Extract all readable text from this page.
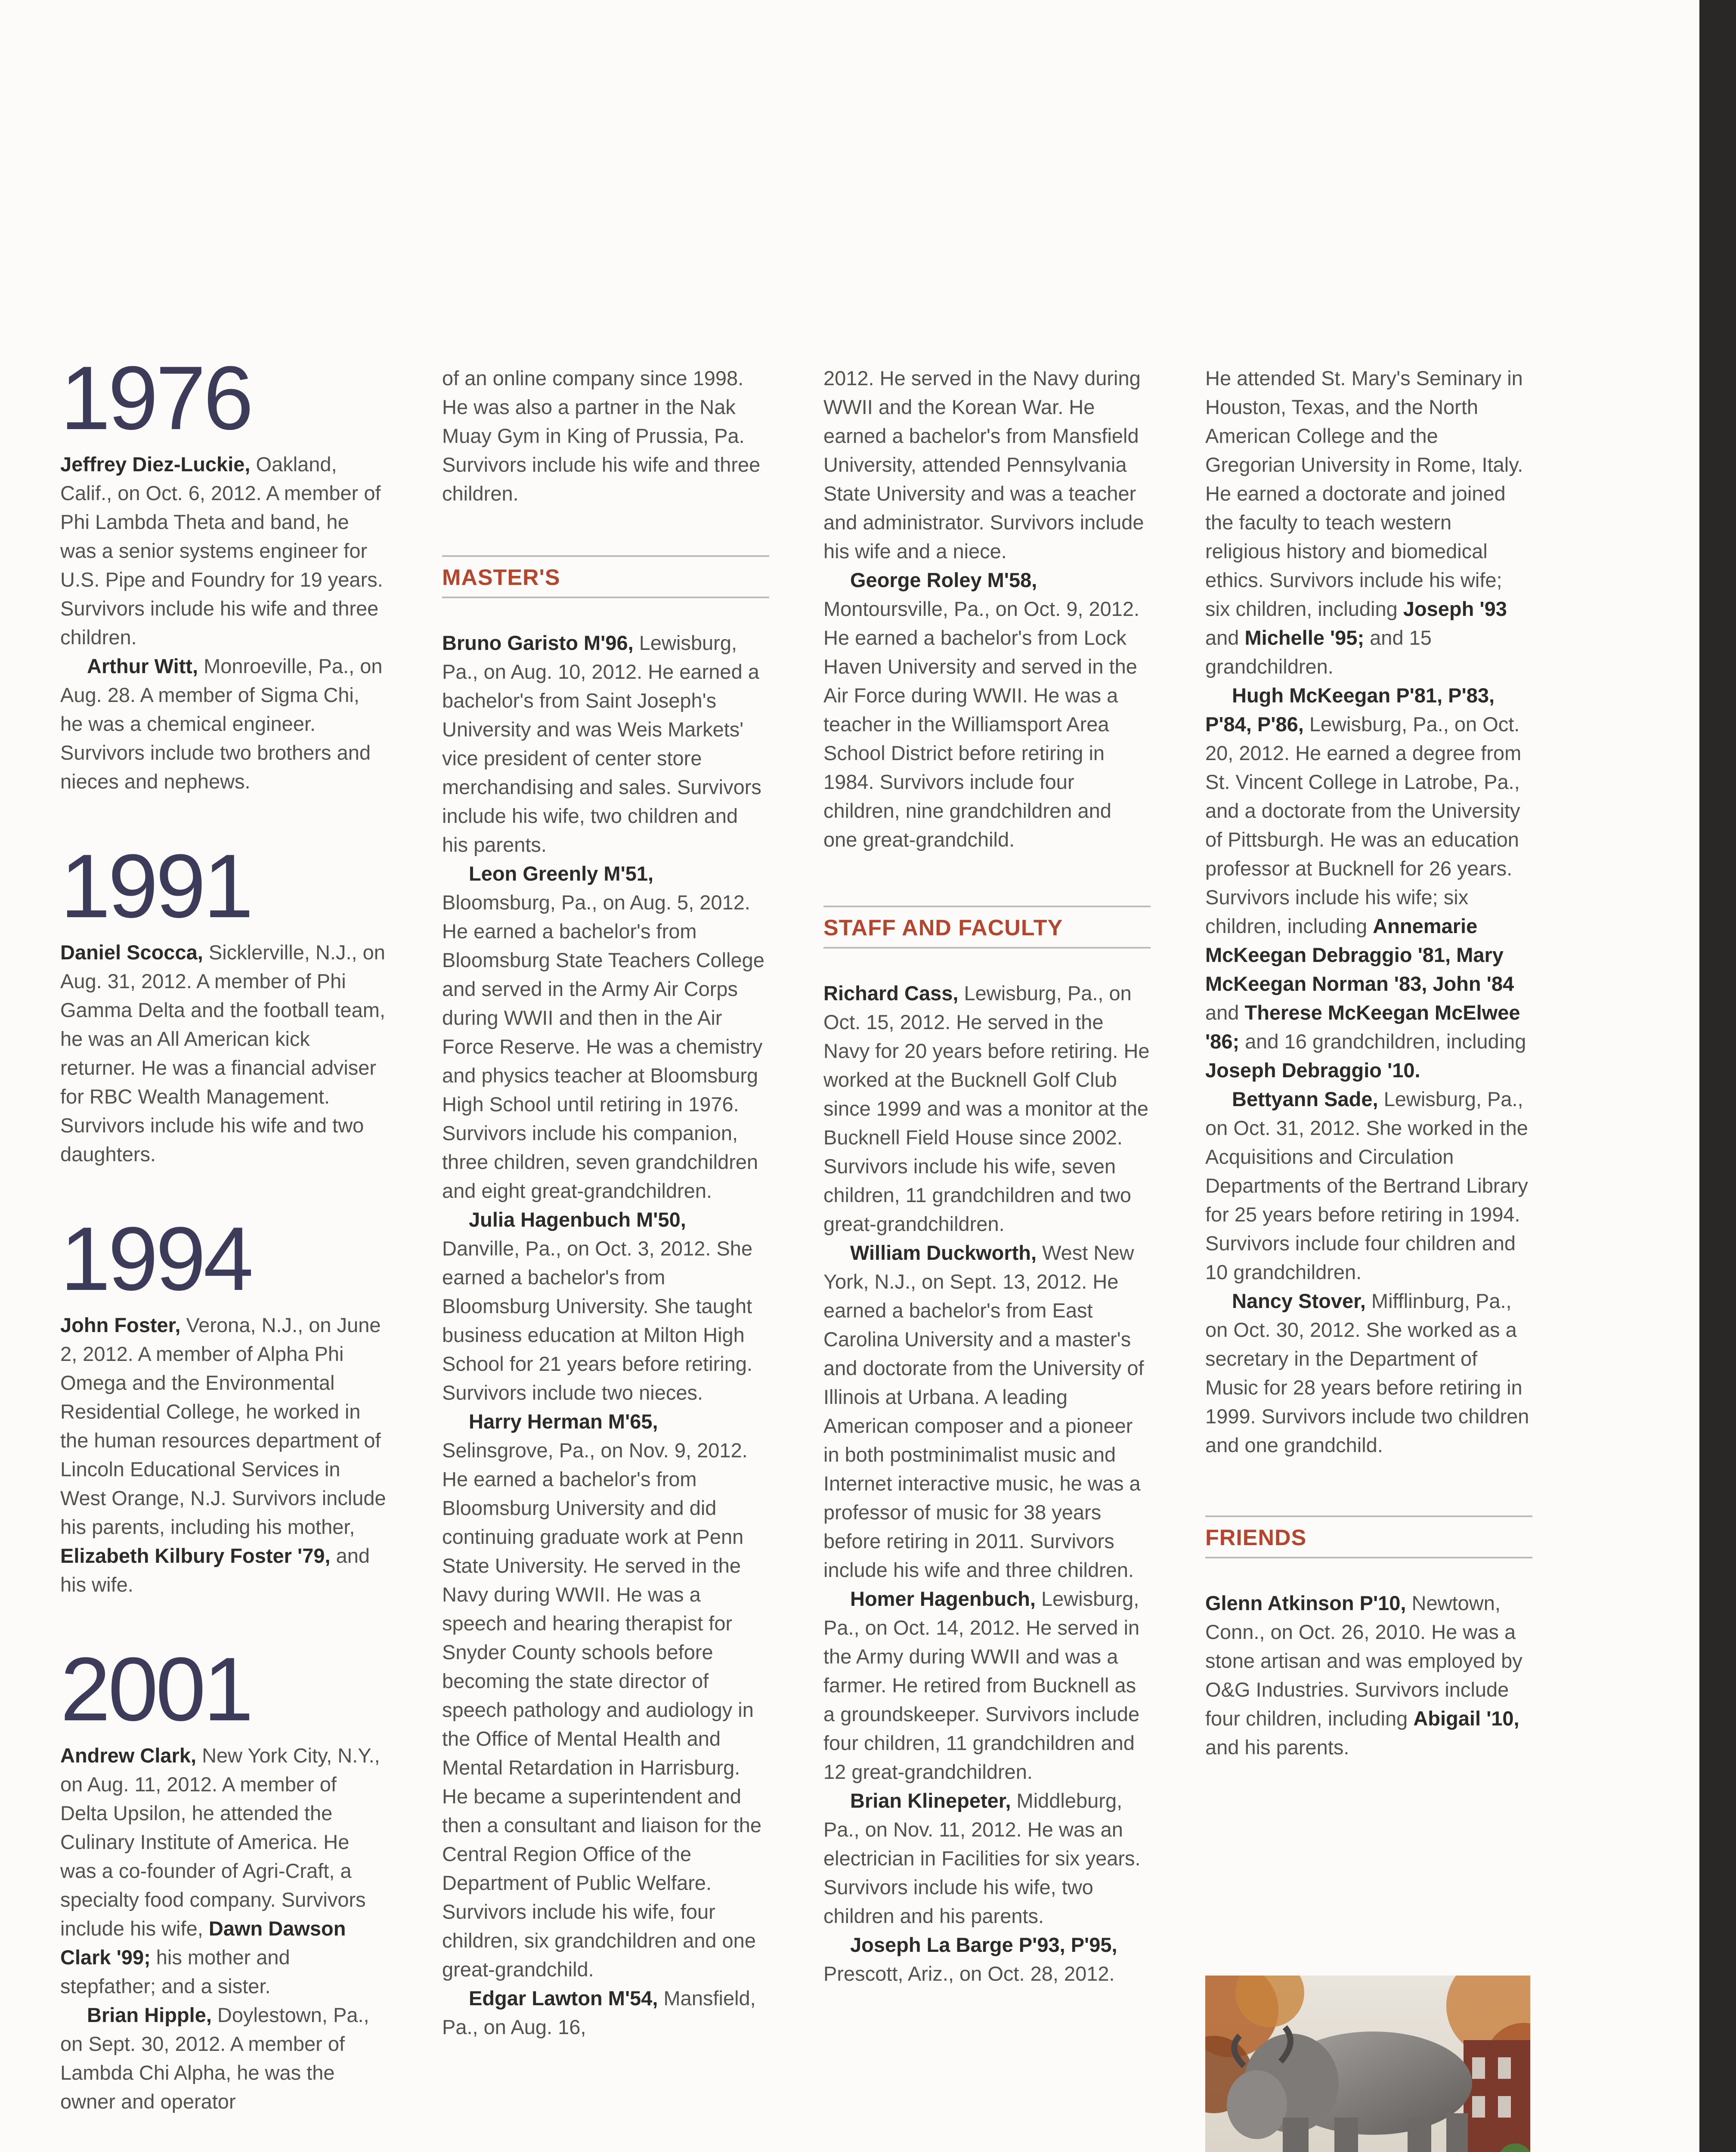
1976

Jeffrey Diez-Luckie, Oakland, Calif., on Oct. 6, 2012. A member of Phi Lambda Theta and band, he was a senior systems engineer for U.S. Pipe and Foundry for 19 years. Survivors include his wife and three children.

Arthur Witt, Monroeville, Pa., on Aug. 28. A member of Sigma Chi, he was a chemical engineer. Survivors include two brothers and nieces and nephews.

1991

Daniel Scocca, Sicklerville, N.J., on Aug. 31, 2012. A member of Phi Gamma Delta and the football team, he was an All American kick returner. He was a financial adviser for RBC Wealth Management. Survivors include his wife and two daughters.

1994

John Foster, Verona, N.J., on June 2, 2012. A member of Alpha Phi Omega and the Environmental Residential College, he worked in the human resources department of Lincoln Educational Services in West Orange, N.J. Survivors include his parents, including his mother, Elizabeth Kilbury Foster '79, and his wife.

2001

Andrew Clark, New York City, N.Y., on Aug. 11, 2012. A member of Delta Upsilon, he attended the Culinary Institute of America. He was a co-founder of Agri-Craft, a specialty food company. Survivors include his wife, Dawn Dawson Clark '99; his mother and stepfather; and a sister.

Brian Hipple, Doylestown, Pa., on Sept. 30, 2012. A member of Lambda Chi Alpha, he was the owner and operator

of an online company since 1998. He was also a partner in the Nak Muay Gym in King of Prussia, Pa. Survivors include his wife and three children.

MASTER'S

Bruno Garisto M'96, Lewisburg, Pa., on Aug. 10, 2012. He earned a bachelor's from Saint Joseph's University and was Weis Markets' vice president of center store merchandising and sales. Survivors include his wife, two children and his parents.

Leon Greenly M'51, Bloomsburg, Pa., on Aug. 5, 2012. He earned a bachelor's from Bloomsburg State Teachers College and served in the Army Air Corps during WWII and then in the Air Force Reserve. He was a chemistry and physics teacher at Bloomsburg High School until retiring in 1976. Survivors include his companion, three children, seven grandchildren and eight great-grandchildren.

Julia Hagenbuch M'50, Danville, Pa., on Oct. 3, 2012. She earned a bachelor's from Bloomsburg University. She taught business education at Milton High School for 21 years before retiring. Survivors include two nieces.

Harry Herman M'65, Selinsgrove, Pa., on Nov. 9, 2012. He earned a bachelor's from Bloomsburg University and did continuing graduate work at Penn State University. He served in the Navy during WWII. He was a speech and hearing therapist for Snyder County schools before becoming the state director of speech pathology and audiology in the Office of Mental Health and Mental Retardation in Harrisburg. He became a superintendent and then a consultant and liaison for the Central Region Office of the Department of Public Welfare. Survivors include his wife, four children, six grandchildren and one great-grandchild.

Edgar Lawton M'54, Mansfield, Pa., on Aug. 16,

2012. He served in the Navy during WWII and the Korean War. He earned a bachelor's from Mansfield University, attended Pennsylvania State University and was a teacher and administrator. Survivors include his wife and a niece.

George Roley M'58, Montoursville, Pa., on Oct. 9, 2012. He earned a bachelor's from Lock Haven University and served in the Air Force during WWII. He was a teacher in the Williamsport Area School District before retiring in 1984. Survivors include four children, nine grandchildren and one great-grandchild.

STAFF AND FACULTY

Richard Cass, Lewisburg, Pa., on Oct. 15, 2012. He served in the Navy for 20 years before retiring. He worked at the Bucknell Golf Club since 1999 and was a monitor at the Bucknell Field House since 2002. Survivors include his wife, seven children, 11 grandchildren and two great-grandchildren.

William Duckworth, West New York, N.J., on Sept. 13, 2012. He earned a bachelor's from East Carolina University and a master's and doctorate from the University of Illinois at Urbana. A leading American composer and a pioneer in both postminimalist music and Internet interactive music, he was a professor of music for 38 years before retiring in 2011. Survivors include his wife and three children.

Homer Hagenbuch, Lewisburg, Pa., on Oct. 14, 2012. He served in the Army during WWII and was a farmer. He retired from Bucknell as a groundskeeper. Survivors include four children, 11 grandchildren and 12 great-grandchildren.

Brian Klinepeter, Middleburg, Pa., on Nov. 11, 2012. He was an electrician in Facilities for six years. Survivors include his wife, two children and his parents.

Joseph La Barge P'93, P'95, Prescott, Ariz., on Oct. 28, 2012.

He attended St. Mary's Seminary in Houston, Texas, and the North American College and the Gregorian University in Rome, Italy. He earned a doctorate and joined the faculty to teach western religious history and biomedical ethics. Survivors include his wife; six children, including Joseph '93 and Michelle '95; and 15 grandchildren.

Hugh McKeegan P'81, P'83, P'84, P'86, Lewisburg, Pa., on Oct. 20, 2012. He earned a degree from St. Vincent College in Latrobe, Pa., and a doctorate from the University of Pittsburgh. He was an education professor at Bucknell for 26 years. Survivors include his wife; six children, including Annemarie McKeegan Debraggio '81, Mary McKeegan Norman '83, John '84 and Therese McKeegan McElwee '86; and 16 grandchildren, including Joseph Debraggio '10.

Bettyann Sade, Lewisburg, Pa., on Oct. 31, 2012. She worked in the Acquisitions and Circulation Departments of the Bertrand Library for 25 years before retiring in 1994. Survivors include four children and 10 grandchildren.

Nancy Stover, Mifflinburg, Pa., on Oct. 30, 2012. She worked as a secretary in the Department of Music for 28 years before retiring in 1999. Survivors include two children and one grandchild.

FRIENDS

Glenn Atkinson P'10, Newtown, Conn., on Oct. 26, 2010. He was a stone artisan and was employed by O&G Industries. Survivors include four children, including Abigail '10, and his parents.
